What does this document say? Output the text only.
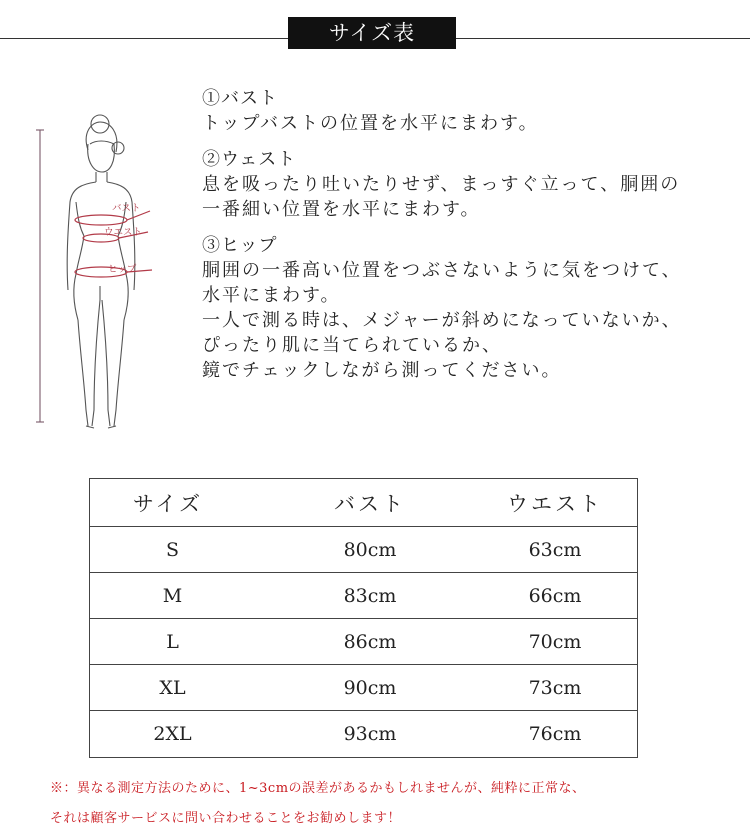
サイズ表
バスト
ウエスト
ヒップ
①バスト
トップバストの位置を水平にまわす。
②ウェスト
息を吸ったり吐いたりせず、まっすぐ立って、胴囲の
一番細い位置を水平にまわす。
③ヒップ
胴囲の一番高い位置をつぶさないように気をつけて、
水平にまわす。
一人で測る時は、メジャーが斜めになっていないか、
ぴったり肌に当てられているか、
鏡でチェックしながら測ってください。
サイズ	バスト	ウエスト
S	80cm	63cm
M	83cm	66cm
L	86cm	70cm
XL	90cm	73cm
2XL	93cm	76cm
※：異なる測定方法のために、1~3cmの誤差があるかもしれませんが、純粋に正常な、
それは顧客サービスに問い合わせることをお勧めします！
